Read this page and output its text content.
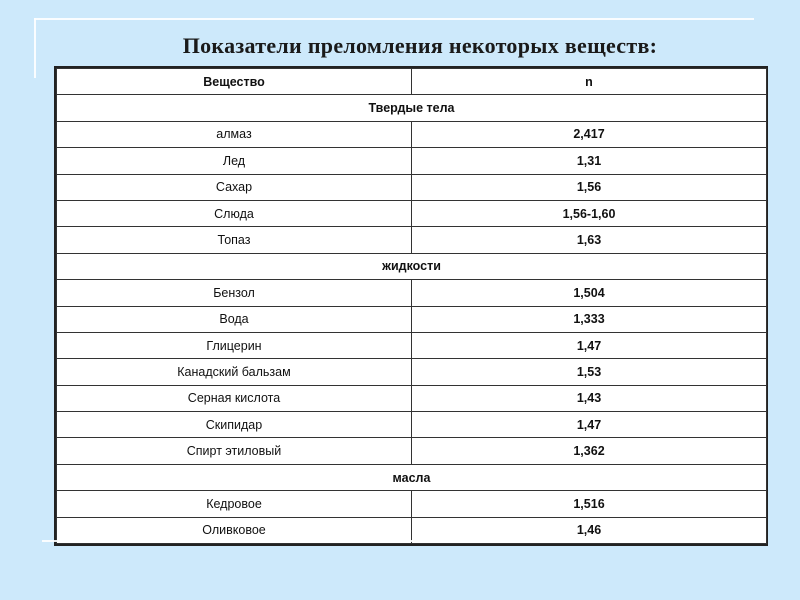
Показатели преломления некоторых веществ:
Вещество	n
Твердые тела	
алмаз	2,417
Лед	1,31
Сахар	1,56
Слюда	1,56-1,60
Топаз	1,63
жидкости	
Бензол	1,504
Вода	1,333
Глицерин	1,47
Канадский бальзам	1,53
Серная кислота	1,43
Скипидар	1,47
Спирт этиловый	1,362
масла	
Кедровое	1,516
Оливковое	1,46
